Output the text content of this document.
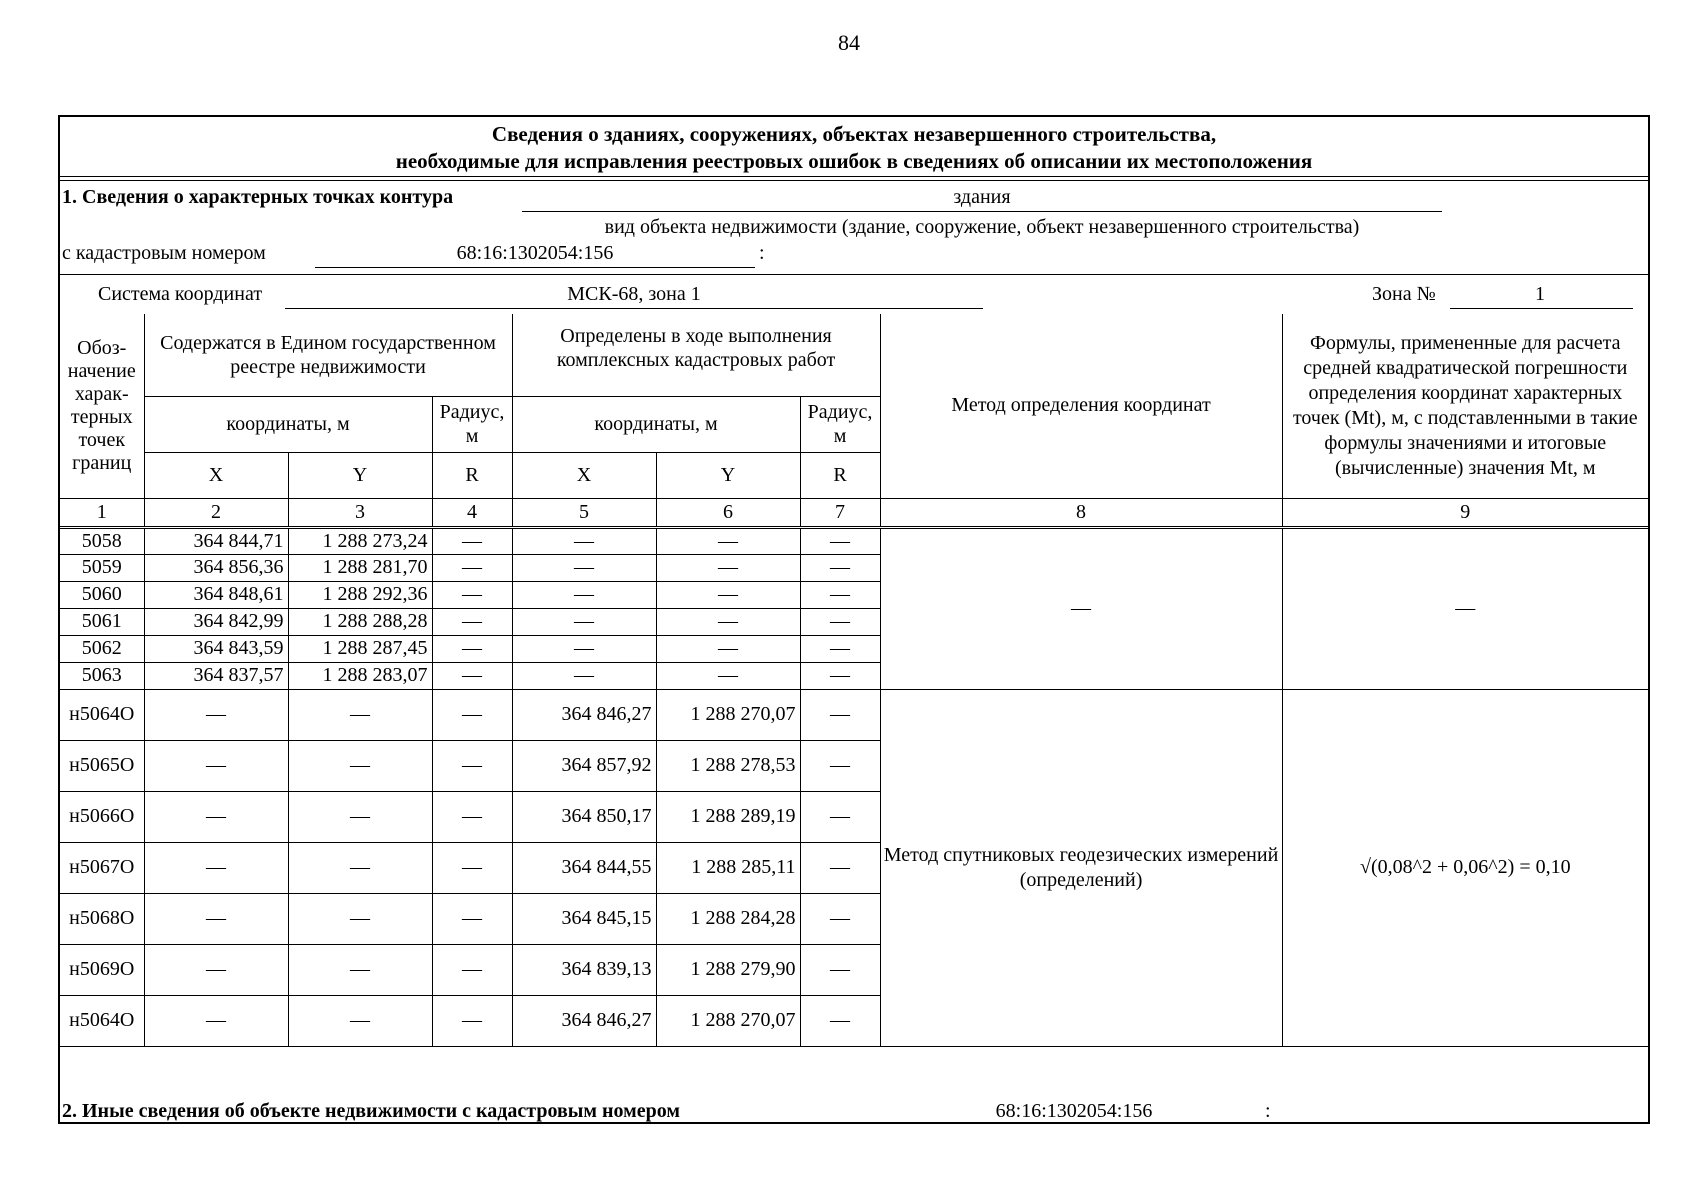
84
Сведения о зданиях, сооружениях, объектах незавершенного строительства,
необходимые для исправления реестровых ошибок в сведениях об описании их местоположения
1. Сведения о характерных точках контура	здания
вид объекта недвижимости (здание, сооружение, объект незавершенного строительства)
с кадастровым номером	68:16:1302054:156	:
Система координат	МСК-68, зона 1	Зона №	1
Обоз-начение харак-терных точек границ	Содержатся в Едином государственном реестре недвижимости			Определены в ходе выполнения комплексных кадастровых работ			Метод определения координат	Формулы, примененные для расчета средней квадратической погрешности определения координат характерных точек (Mt), м, с подставленными в такие формулы значениями и итоговые (вычисленные) значения Mt, м
	координаты, м		Радиус, м	координаты, м		Радиус, м		
	X	Y	R	X	Y	R		
1	2	3	4	5	6	7	8	9
5058	364 844,71	1 288 273,24	—	—	—	—	—	—
5059	364 856,36	1 288 281,70	—	—	—	—		
5060	364 848,61	1 288 292,36	—	—	—	—		
5061	364 842,99	1 288 288,28	—	—	—	—		
5062	364 843,59	1 288 287,45	—	—	—	—		
5063	364 837,57	1 288 283,07	—	—	—	—		
н5064О	—	—	—	364 846,27	1 288 270,07	—	Метод спутниковых геодезических измерений (определений)	√(0,08^2 + 0,06^2) = 0,10
н5065О	—	—	—	364 857,92	1 288 278,53	—		
н5066О	—	—	—	364 850,17	1 288 289,19	—		
н5067О	—	—	—	364 844,55	1 288 285,11	—		
н5068О	—	—	—	364 845,15	1 288 284,28	—		
н5069О	—	—	—	364 839,13	1 288 279,90	—		
н5064О	—	—	—	364 846,27	1 288 270,07	—		
2. Иные сведения об объекте недвижимости с кадастровым номером	68:16:1302054:156	:
